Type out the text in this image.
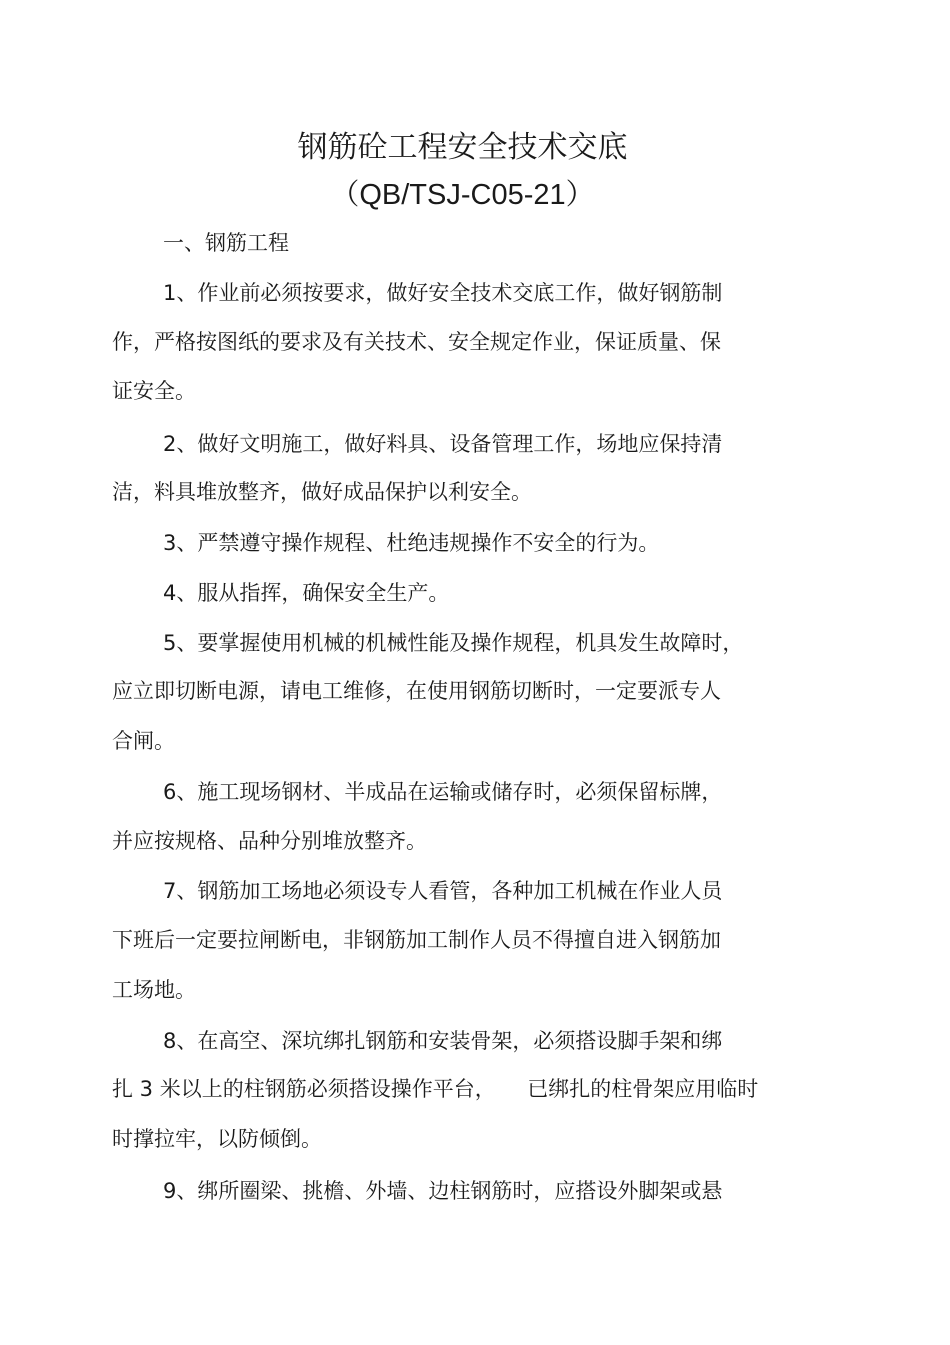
钢筋砼工程安全技术交底
（QB/TSJ-C05-21）
一、钢筋工程
1、作业前必须按要求，做好安全技术交底工作，做好钢筋制
作，严格按图纸的要求及有关技术、安全规定作业，保证质量、保
证安全。
2、做好文明施工，做好料具、设备管理工作，场地应保持清
洁，料具堆放整齐，做好成品保护以利安全。
3、严禁遵守操作规程、杜绝违规操作不安全的行为。
4、服从指挥，确保安全生产。
5、要掌握使用机械的机械性能及操作规程，机具发生故障时，
应立即切断电源，请电工维修，在使用钢筋切断时，一定要派专人
合闸。
6、施工现场钢材、半成品在运输或储存时，必须保留标牌，
并应按规格、品种分别堆放整齐。
7、钢筋加工场地必须设专人看管，各种加工机械在作业人员
下班后一定要拉闸断电，非钢筋加工制作人员不得擅自进入钢筋加
工场地。
8、在高空、深坑绑扎钢筋和安装骨架，必须搭设脚手架和绑
扎 3 米以上的柱钢筋必须搭设操作平台，　　已绑扎的柱骨架应用临时
时撑拉牢，以防倾倒。
9、绑所圈梁、挑檐、外墙、边柱钢筋时，应搭设外脚架或悬
